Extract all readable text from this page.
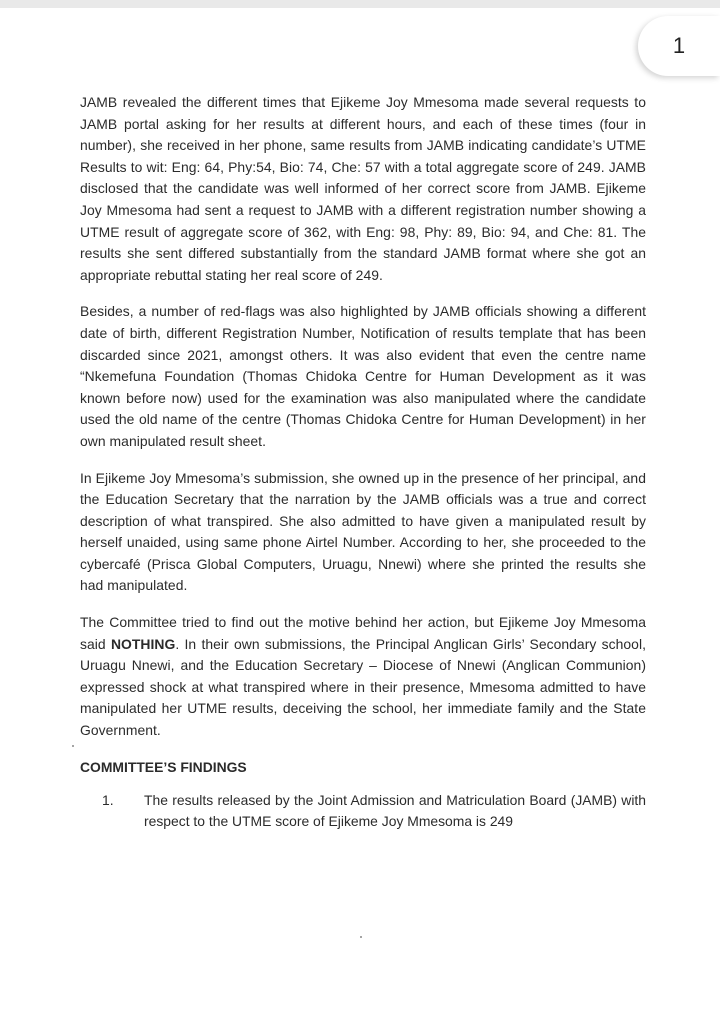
1

JAMB revealed the different times that Ejikeme Joy Mmesoma made several requests to JAMB portal asking for her results at different hours, and each of these times (four in number), she received in her phone, same results from JAMB indicating candidate’s UTME Results to wit: Eng: 64, Phy:54, Bio: 74, Che: 57 with a total aggregate score of 249. JAMB disclosed that the candidate was well informed of her correct score from JAMB. Ejikeme Joy Mmesoma had sent a request to JAMB with a different registration number showing a UTME result of aggregate score of 362, with Eng: 98, Phy: 89, Bio: 94, and Che: 81. The results she sent differed substantially from the standard JAMB format where she got an appropriate rebuttal stating her real score of 249.

Besides, a number of red-flags was also highlighted by JAMB officials showing a different date of birth, different Registration Number, Notification of results template that has been discarded since 2021, amongst others. It was also evident that even the centre name “Nkemefuna Foundation (Thomas Chidoka Centre for Human Development as it was known before now) used for the examination was also manipulated where the candidate used the old name of the centre (Thomas Chidoka Centre for Human Development) in her own manipulated result sheet.

In Ejikeme Joy Mmesoma’s submission, she owned up in the presence of her principal, and the Education Secretary that the narration by the JAMB officials was a true and correct description of what transpired. She also admitted to have given a manipulated result by herself unaided, using same phone Airtel Number. According to her, she proceeded to the cybercafé (Prisca Global Computers, Uruagu, Nnewi) where she printed the results she had manipulated.

The Committee tried to find out the motive behind her action, but Ejikeme Joy Mmesoma said NOTHING. In their own submissions, the Principal Anglican Girls’ Secondary school, Uruagu Nnewi, and the Education Secretary – Diocese of Nnewi (Anglican Communion) expressed shock at what transpired where in their presence, Mmesoma admitted to have manipulated her UTME results, deceiving the school, her immediate family and the State Government.

COMMITTEE’S FINDINGS
1.	The results released by the Joint Admission and Matriculation Board (JAMB) with respect to the UTME score of Ejikeme Joy Mmesoma is 249
